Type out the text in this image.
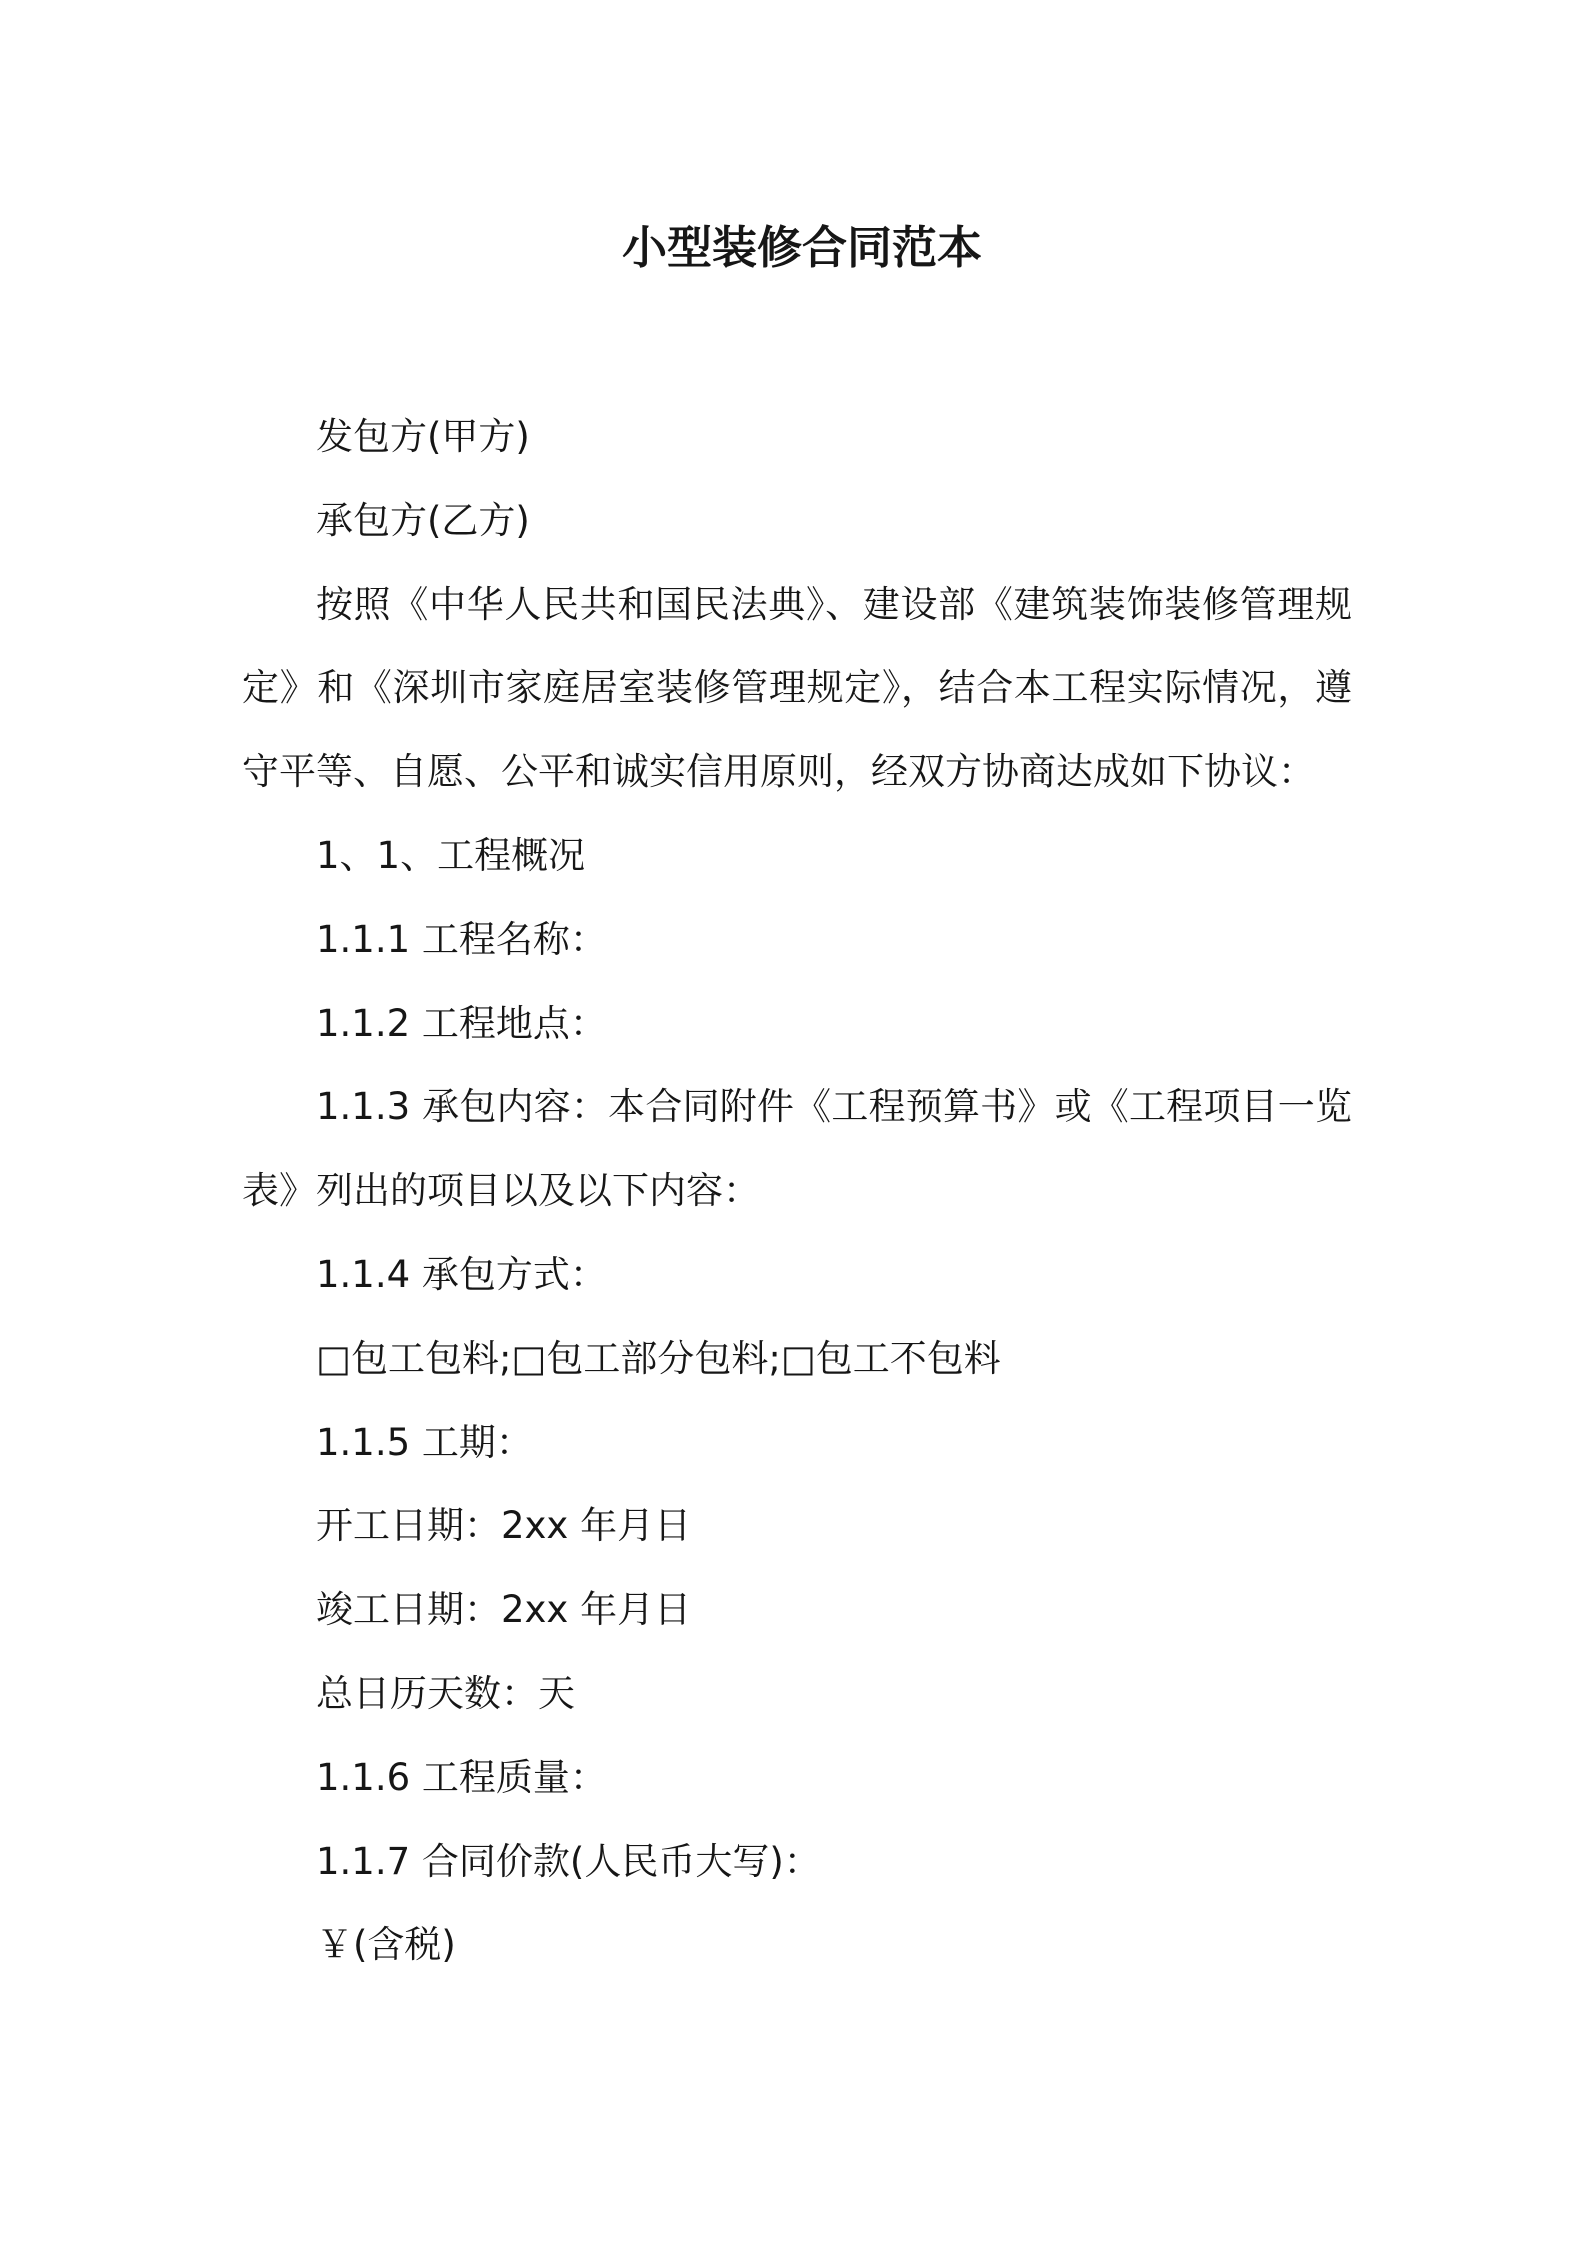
小型装修合同范本
发包方(甲方)
承包方(乙方)
按照《中华人民共和国民法典》、建设部《建筑装饰装修管理规
定》和《深圳市家庭居室装修管理规定》，结合本工程实际情况，遵
守平等、自愿、公平和诚实信用原则，经双方协商达成如下协议：
1、1、工程概况
1.1.1 工程名称：
1.1.2 工程地点：
1.1.3 承包内容：本合同附件《工程预算书》或《工程项目一览
表》列出的项目以及以下内容：
1.1.4 承包方式：
□包工包料;□包工部分包料;□包工不包料
1.1.5 工期：
开工日期：2xx 年月日
竣工日期：2xx 年月日
总日历天数：天
1.1.6 工程质量：
1.1.7 合同价款(人民币大写)：
￥(含税)
